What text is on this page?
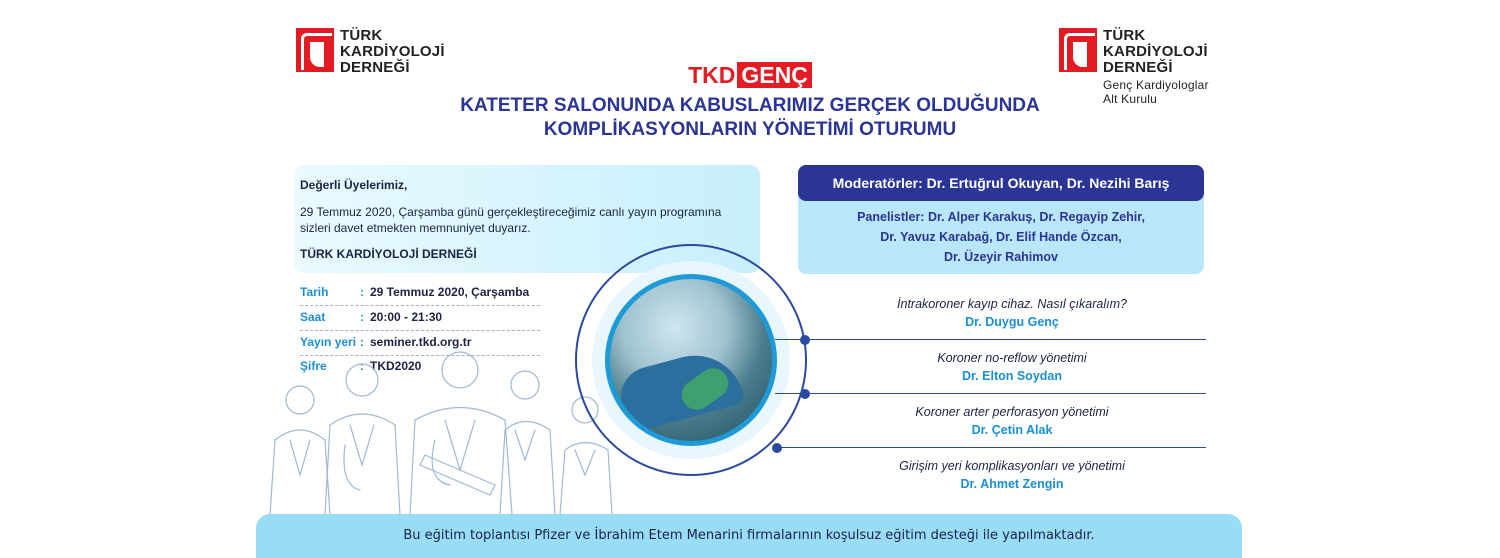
TÜRK
KARDİYOLOJİ
DERNEĞİ
TÜRK
KARDİYOLOJİ
DERNEĞİ
Genç Kardiyologlar
Alt Kurulu
TKD GENÇ
KATETER SALONUNDA KABUSLARIMIZ GERÇEK OLDUĞUNDA
KOMPLİKASYONLARIN YÖNETİMİ OTURUMU
Değerli Üyelerimiz,
29 Temmuz 2020, Çarşamba günü gerçekleştireceğimiz canlı yayın programına
sizleri davet etmekten memnuniyet duyarız.
TÜRK KARDİYOLOJİ DERNEĞİ
Tarih	: 29 Temmuz 2020, Çarşamba
Saat	: 20:00 - 21:30
Yayın yeri : seminer.tkd.org.tr
Şifre	: TKD2020
Moderatörler: Dr. Ertuğrul Okuyan, Dr. Nezihi Barış
Panelistler: Dr. Alper Karakuş, Dr. Regayip Zehir,
Dr. Yavuz Karabağ, Dr. Elif Hande Özcan,
Dr. Üzeyir Rahimov
İntrakoroner kayıp cihaz. Nasıl çıkaralım?
Dr. Duygu Genç
Koroner no-reflow yönetimi
Dr. Elton Soydan
Koroner arter perforasyon yönetimi
Dr. Çetin Alak
Girişim yeri komplikasyonları ve yönetimi
Dr. Ahmet Zengin
Bu eğitim toplantısı Pfizer ve İbrahim Etem Menarini firmalarının koşulsuz eğitim desteği ile yapılmaktadır.
